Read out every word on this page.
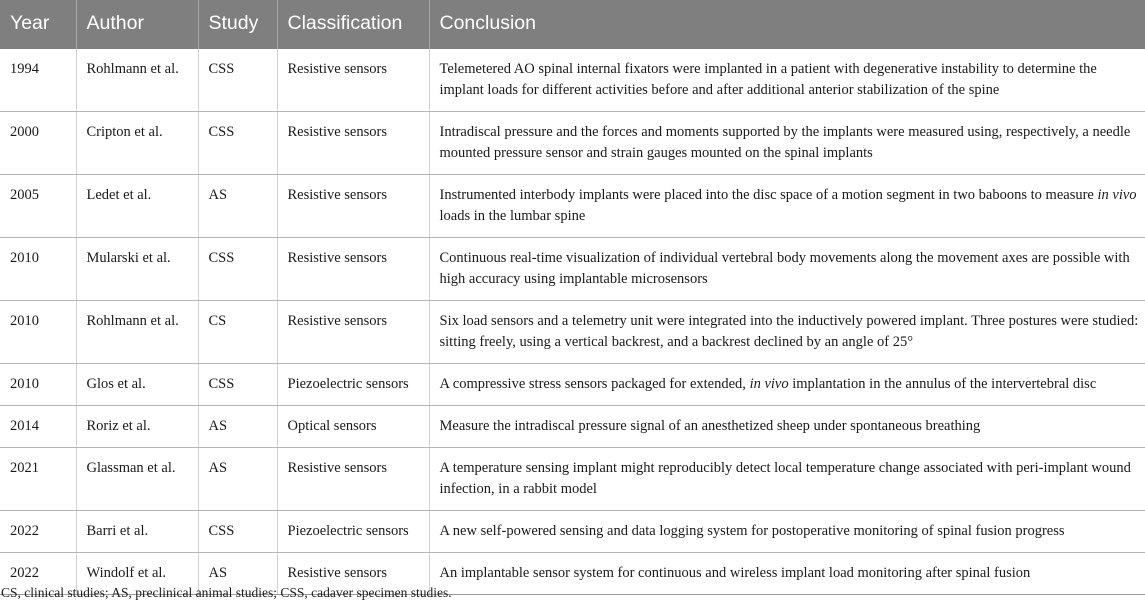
Year	Author	Study	Classification	Conclusion
1994	Rohlmann et al.	CSS	Resistive sensors	Telemetered AO spinal internal fixators were implanted in a patient with degenerative instability to determine the implant loads for different activities before and after additional anterior stabilization of the spine
2000	Cripton et al.	CSS	Resistive sensors	Intradiscal pressure and the forces and moments supported by the implants were measured using, respectively, a needle mounted pressure sensor and strain gauges mounted on the spinal implants
2005	Ledet et al.	AS	Resistive sensors	Instrumented interbody implants were placed into the disc space of a motion segment in two baboons to measure in vivo loads in the lumbar spine
2010	Mularski et al.	CSS	Resistive sensors	Continuous real-time visualization of individual vertebral body movements along the movement axes are possible with high accuracy using implantable microsensors
2010	Rohlmann et al.	CS	Resistive sensors	Six load sensors and a telemetry unit were integrated into the inductively powered implant. Three postures were studied: sitting freely, using a vertical backrest, and a backrest declined by an angle of 25°
2010	Glos et al.	CSS	Piezoelectric sensors	A compressive stress sensors packaged for extended, in vivo implantation in the annulus of the intervertebral disc
2014	Roriz et al.	AS	Optical sensors	Measure the intradiscal pressure signal of an anesthetized sheep under spontaneous breathing
2021	Glassman et al.	AS	Resistive sensors	A temperature sensing implant might reproducibly detect local temperature change associated with peri-implant wound infection, in a rabbit model
2022	Barri et al.	CSS	Piezoelectric sensors	A new self-powered sensing and data logging system for postoperative monitoring of spinal fusion progress
2022	Windolf et al.	AS	Resistive sensors	An implantable sensor system for continuous and wireless implant load monitoring after spinal fusion
CS, clinical studies; AS, preclinical animal studies; CSS, cadaver specimen studies.
